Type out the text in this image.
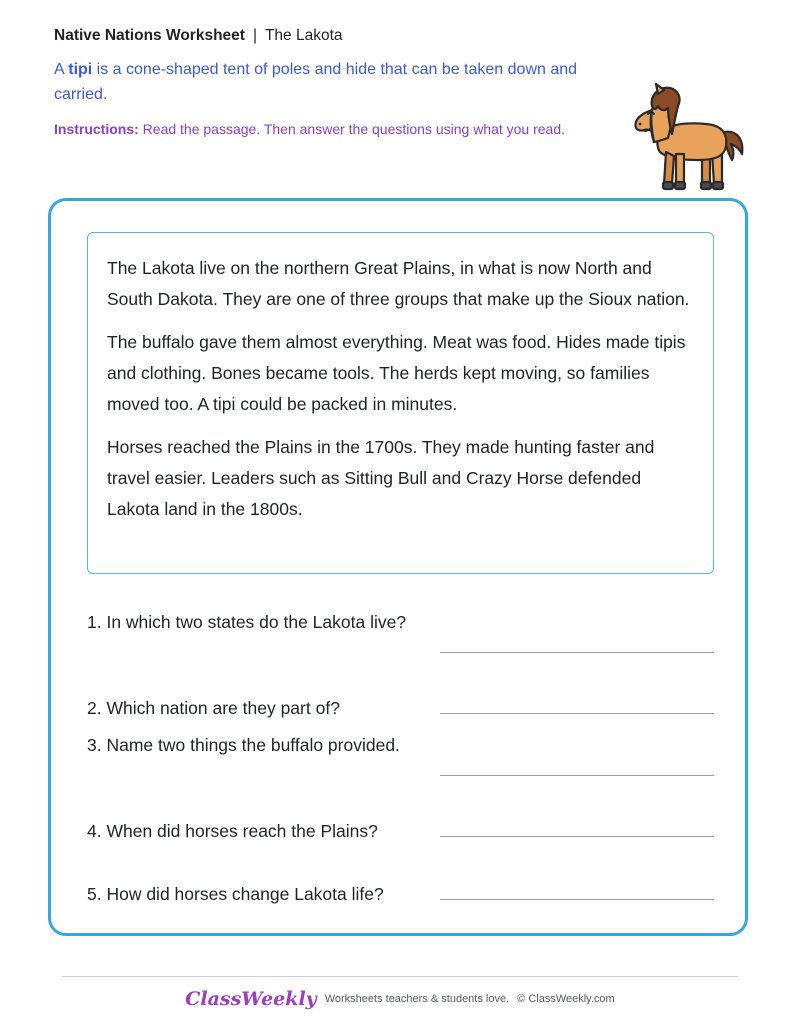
Native Nations Worksheet | The Lakota
A tipi is a cone-shaped tent of poles and hide that can be taken down and carried.
Instructions: Read the passage. Then answer the questions using what you read.

The Lakota live on the northern Great Plains, in what is now North and South Dakota. They are one of three groups that make up the Sioux nation.

The buffalo gave them almost everything. Meat was food. Hides made tipis and clothing. Bones became tools. The herds kept moving, so families moved too. A tipi could be packed in minutes.

Horses reached the Plains in the 1700s. They made hunting faster and travel easier. Leaders such as Sitting Bull and Crazy Horse defended Lakota land in the 1800s.

1. In which two states do the Lakota live?
2. Which nation are they part of?
3. Name two things the buffalo provided.
4. When did horses reach the Plains?
5. How did horses change Lakota life?
ClassWeekly Worksheets teachers & students love. © ClassWeekly.com
